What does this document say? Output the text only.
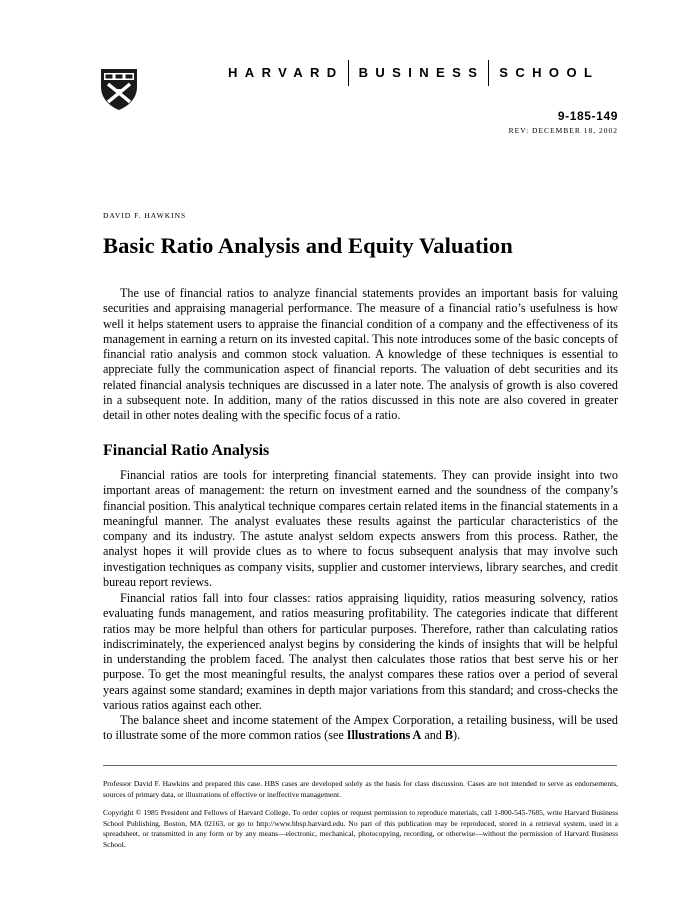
HARVARD BUSINESS SCHOOL
9-185-149
REV: DECEMBER 18, 2002
DAVID F. HAWKINS
Basic Ratio Analysis and Equity Valuation

The use of financial ratios to analyze financial statements provides an important basis for valuing securities and appraising managerial performance. The measure of a financial ratio’s usefulness is how well it helps statement users to appraise the financial condition of a company and the effectiveness of its management in earning a return on its invested capital. This note introduces some of the basic concepts of financial ratio analysis and common stock valuation. A knowledge of these techniques is essential to appreciate fully the communication aspect of financial reports. The valuation of debt securities and its related financial analysis techniques are discussed in a later note. The analysis of growth is also covered in a subsequent note. In addition, many of the ratios discussed in this note are also covered in greater detail in other notes dealing with the specific focus of a ratio.

Financial Ratio Analysis

Financial ratios are tools for interpreting financial statements. They can provide insight into two important areas of management: the return on investment earned and the soundness of the company’s financial position. This analytical technique compares certain related items in the financial statements in a meaningful manner. The analyst evaluates these results against the particular characteristics of the company and its industry. The astute analyst seldom expects answers from this process. Rather, the analyst hopes it will provide clues as to where to focus subsequent analysis that may involve such investigation techniques as company visits, supplier and customer interviews, library searches, and credit bureau report reviews.

Financial ratios fall into four classes: ratios appraising liquidity, ratios measuring solvency, ratios evaluating funds management, and ratios measuring profitability. The categories indicate that different ratios may be more helpful than others for particular purposes. Therefore, rather than calculating ratios indiscriminately, the experienced analyst begins by considering the kinds of insights that will be helpful in understanding the problem faced. The analyst then calculates those ratios that best serve his or her purpose. To get the most meaningful results, the analyst compares these ratios over a period of several years against some standard; examines in depth major variations from this standard; and cross-checks the various ratios against each other.

The balance sheet and income statement of the Ampex Corporation, a retailing business, will be used to illustrate some of the more common ratios (see Illustrations A and B).

Professor David F. Hawkins and prepared this case. HBS cases are developed solely as the basis for class discussion. Cases are not intended to serve as endorsements, sources of primary data, or illustrations of effective or ineffective management.

Copyright © 1985 President and Fellows of Harvard College. To order copies or request permission to reproduce materials, call 1-800-545-7685, write Harvard Business School Publishing, Boston, MA 02163, or go to http://www.hbsp.harvard.edu. No part of this publication may be reproduced, stored in a retrieval system, used in a spreadsheet, or transmitted in any form or by any means—electronic, mechanical, photocopying, recording, or otherwise—without the permission of Harvard Business School.
